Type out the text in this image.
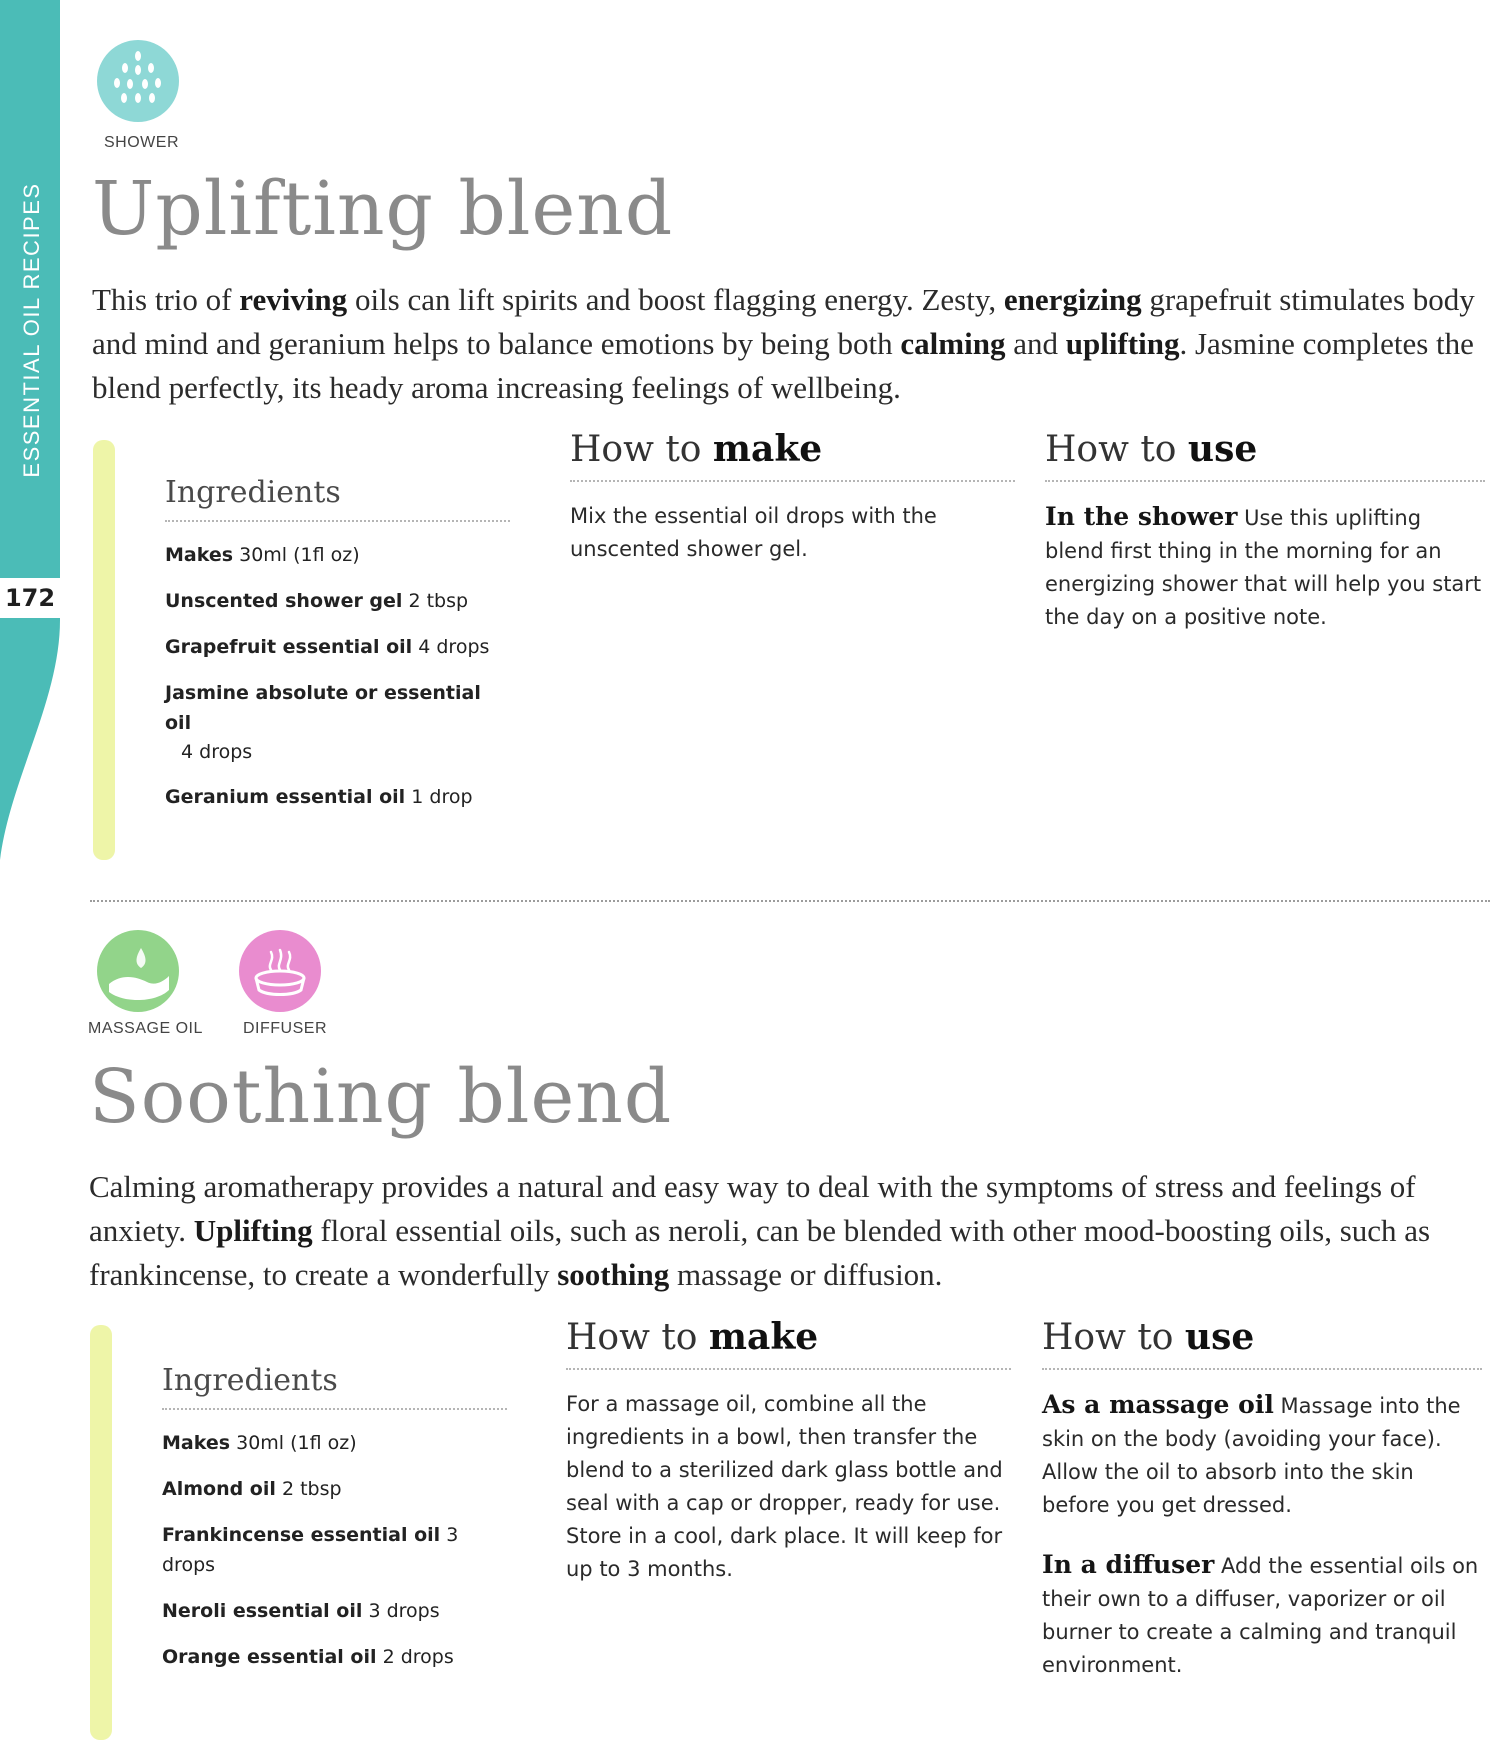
ESSENTIAL OIL RECIPES
172
SHOWER
Uplifting blend
This trio of reviving oils can lift spirits and boost flagging energy. Zesty, energizing grapefruit stimulates body and mind and geranium helps to balance emotions by being both calming and uplifting. Jasmine completes the blend perfectly, its heady aroma increasing feelings of wellbeing.
Ingredients
Makes 30ml (1fl oz)
Unscented shower gel 2 tbsp
Grapefruit essential oil 4 drops
Jasmine absolute or essential oil
4 drops
Geranium essential oil 1 drop
How to make
Mix the essential oil drops with the unscented shower gel.
How to use
In the shower Use this uplifting blend first thing in the morning for an energizing shower that will help you start the day on a positive note.
MASSAGE OIL	DIFFUSER
Soothing blend
Calming aromatherapy provides a natural and easy way to deal with the symptoms of stress and feelings of anxiety. Uplifting floral essential oils, such as neroli, can be blended with other mood-boosting oils, such as frankincense, to create a wonderfully soothing massage or diffusion.
Ingredients
Makes 30ml (1fl oz)
Almond oil 2 tbsp
Frankincense essential oil 3 drops
Neroli essential oil 3 drops
Orange essential oil 2 drops
How to make
For a massage oil, combine all the ingredients in a bowl, then transfer the blend to a sterilized dark glass bottle and seal with a cap or dropper, ready for use. Store in a cool, dark place. It will keep for up to 3 months.
How to use
As a massage oil Massage into the skin on the body (avoiding your face). Allow the oil to absorb into the skin before you get dressed.
In a diffuser Add the essential oils on their own to a diffuser, vaporizer or oil burner to create a calming and tranquil environment.
